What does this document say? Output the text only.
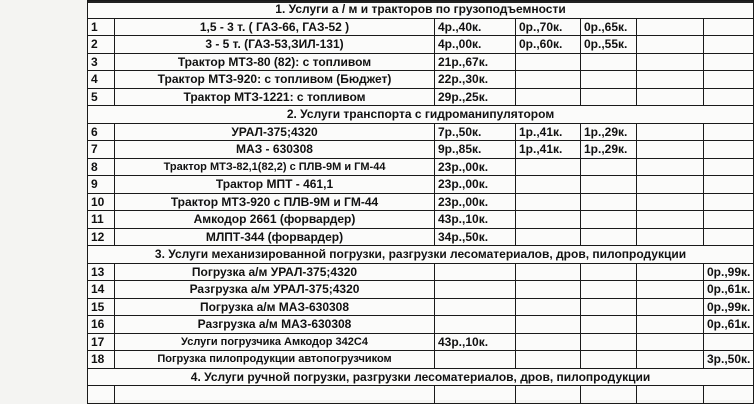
1. Услуги а / м и тракторов по грузоподъемности						
1	1,5 - 3 т. ( ГАЗ-66, ГАЗ-52 )	4р.,40к.	0р.,70к.	0р.,65к.		
2	3 - 5 т. (ГАЗ-53,ЗИЛ-131)	4р.,00к.	0р.,60к.	0р.,55к.		
3	Трактор МТЗ-80 (82): с топливом	21р.,67к.				
4	Трактор МТЗ-920: с топливом (Бюджет)	22р.,30к.				
5	Трактор МТЗ-1221: с топливом	29р.,25к.				
2. Услуги транспорта с гидроманипулятором						
6	УРАЛ-375;4320	7р.,50к.	1р.,41к.	1р.,29к.		
7	МАЗ - 630308	9р.,85к.	1р.,41к.	1р.,29к.		
8	Трактор МТЗ-82,1(82,2) с ПЛВ-9М и ГМ-44	23р.,00к.				
9	Трактор МПТ - 461,1	23р.,00к.				
10	Трактор МТЗ-920 с ПЛВ-9М и ГМ-44	23р.,00к.				
11	Амкодор 2661 (форвардер)	43р.,10к.				
12	МЛПТ-344 (форвардер)	34р.,50к.				
3. Услуги механизированной погрузки, разгрузки лесоматериалов, дров, пилопродукции						
13	Погрузка а/м УРАЛ-375;4320					0р.,99к.
14	Разгрузка а/м УРАЛ-375;4320					0р.,61к.
15	Погрузка а/м МАЗ-630308					0р.,99к.
16	Разгрузка а/м МАЗ-630308					0р.,61к.
17	Услуги погрузчика Амкодор 342С4	43р.,10к.				
18	Погрузка пилопродукции автопогрузчиком					3р.,50к.
4. Услуги ручной погрузки, разгрузки лесоматериалов, дров, пилопродукции						
